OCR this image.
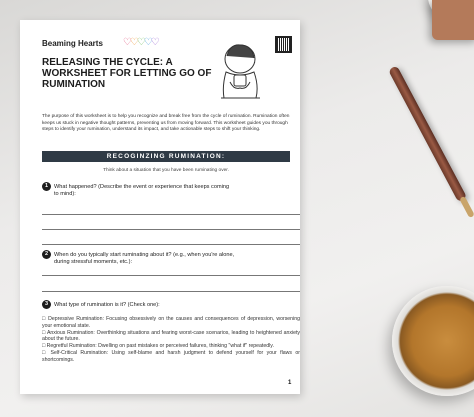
Beaming Hearts ♡
♡
♡
♡
♡
RELEASING THE CYCLE: A WORKSHEET FOR LETTING GO OF RUMINATION
The purpose of this worksheet is to help you recognize and break free from the cycle of rumination. Rumination often keeps us stuck in negative thought patterns, preventing us from moving forward. This worksheet guides you through steps to identify your rumination, understand its impact, and take actionable steps to shift your thinking.
RECOGINZING RUMINATION:
Think about a situation that you have been ruminating over.
1 What happened? (Describe the event or experience that keeps coming
to mind):
2 When do you typically start ruminating about it? (e.g., when you're alone,
during stressful moments, etc.):
3 What type of rumination is it? (Check one):

□ Depressive Rumination: Focusing obsessively on the causes and consequences of depression, worsening your emotional state.

□ Anxious Rumination: Overthinking situations and fearing worst-case scenarios, leading to heightened anxiety about the future.

□ Regretful Rumination: Dwelling on past mistakes or perceived failures, thinking "what if" repeatedly.

□ Self-Critical Rumination: Using self-blame and harsh judgment to defend yourself for your flaws or shortcomings.

1
